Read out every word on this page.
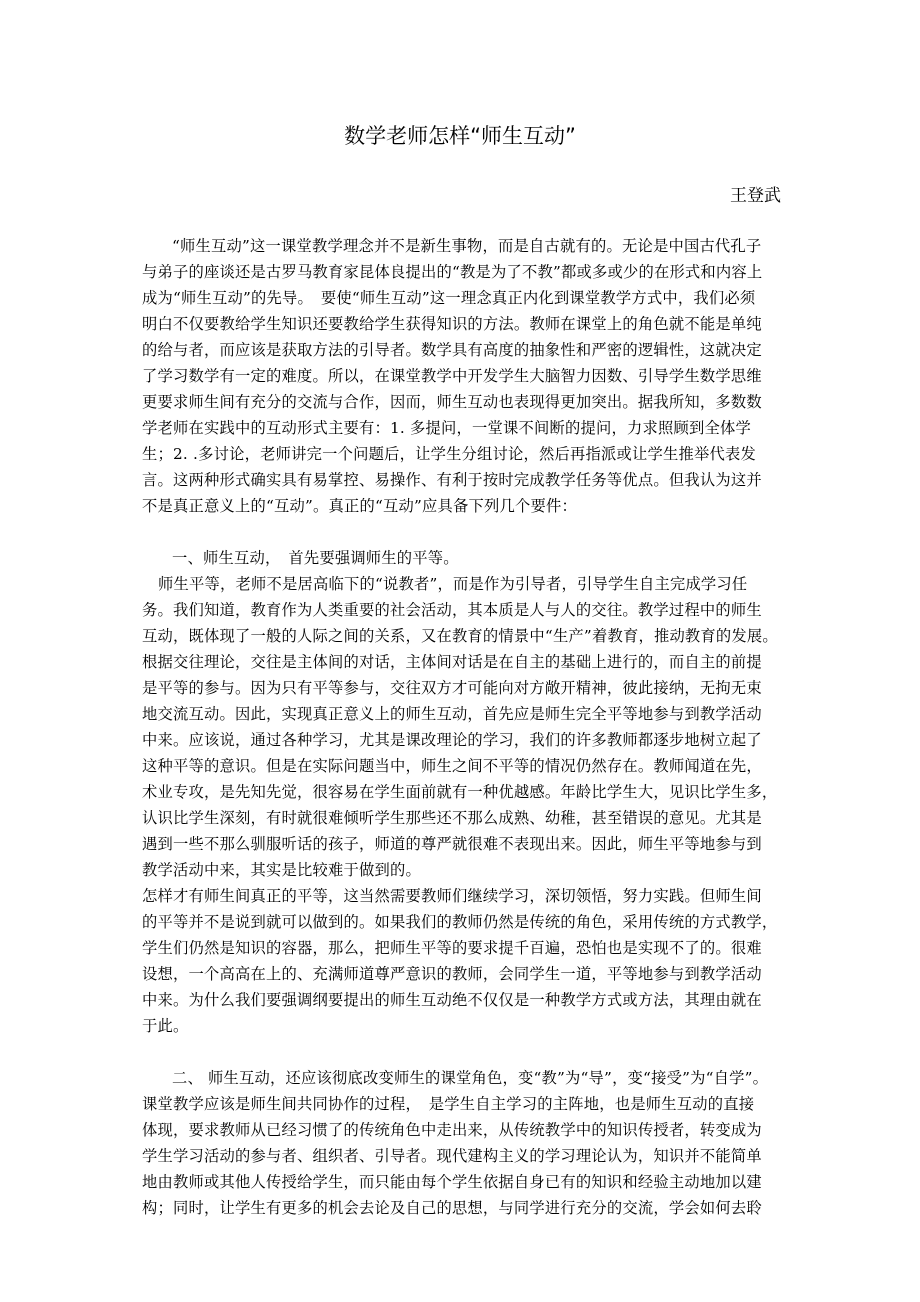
数学老师怎样“师生互动”
王登武
“师生互动”这一课堂教学理念并不是新生事物，而是自古就有的。无论是中国古代孔子
与弟子的座谈还是古罗马教育家昆体良提出的“教是为了不教”都或多或少的在形式和内容上
成为“师生互动”的先导。　要使“师生互动”这一理念真正内化到课堂教学方式中，我们必须
明白不仅要教给学生知识还要教给学生获得知识的方法。教师在课堂上的角色就不能是单纯
的给与者，而应该是获取方法的引导者。数学具有高度的抽象性和严密的逻辑性，这就决定
了学习数学有一定的难度。所以，在课堂教学中开发学生大脑智力因数、引导学生数学思维
更要求师生间有充分的交流与合作，因而，师生互动也表现得更加突出。据我所知，多数数
学老师在实践中的互动形式主要有：1. 多提问，一堂课不间断的提问，力求照顾到全体学
生；2. .多讨论，老师讲完一个问题后，让学生分组讨论，然后再指派或让学生推举代表发
言。这两种形式确实具有易掌控、易操作、有利于按时完成教学任务等优点。但我认为这并
不是真正意义上的“互动”。真正的“互动”应具备下列几个要件：
一、师生互动，　首先要强调师生的平等。
师生平等，老师不是居高临下的“说教者”，而是作为引导者，引导学生自主完成学习任
务。我们知道，教育作为人类重要的社会活动，其本质是人与人的交往。教学过程中的师生
互动，既体现了一般的人际之间的关系，又在教育的情景中“生产”着教育，推动教育的发展。
根据交往理论，交往是主体间的对话，主体间对话是在自主的基础上进行的，而自主的前提
是平等的参与。因为只有平等参与，交往双方才可能向对方敞开精神，彼此接纳，无拘无束
地交流互动。因此，实现真正意义上的师生互动，首先应是师生完全平等地参与到教学活动
中来。应该说，通过各种学习，尤其是课改理论的学习，我们的许多教师都逐步地树立起了
这种平等的意识。但是在实际问题当中，师生之间不平等的情况仍然存在。教师闻道在先，
术业专攻，是先知先觉，很容易在学生面前就有一种优越感。年龄比学生大，见识比学生多，
认识比学生深刻，有时就很难倾听学生那些还不那么成熟、幼稚，甚至错误的意见。尤其是
遇到一些不那么驯服听话的孩子，师道的尊严就很难不表现出来。因此，师生平等地参与到
教学活动中来，其实是比较难于做到的。
怎样才有师生间真正的平等，这当然需要教师们继续学习，深切领悟，努力实践。但师生间
的平等并不是说到就可以做到的。如果我们的教师仍然是传统的角色，采用传统的方式教学，
学生们仍然是知识的容器，那么，把师生平等的要求提千百遍，恐怕也是实现不了的。很难
设想，一个高高在上的、充满师道尊严意识的教师，会同学生一道，平等地参与到教学活动
中来。为什么我们要强调纲要提出的师生互动绝不仅仅是一种教学方式或方法，其理由就在
于此。
二、 师生互动，还应该彻底改变师生的课堂角色，变“教”为“导”，变“接受”为“自学”。
课堂教学应该是师生间共同协作的过程，　是学生自主学习的主阵地，也是师生互动的直接
体现，要求教师从已经习惯了的传统角色中走出来，从传统教学中的知识传授者，转变成为
学生学习活动的参与者、组织者、引导者。现代建构主义的学习理论认为，知识并不能简单
地由教师或其他人传授给学生，而只能由每个学生依据自身已有的知识和经验主动地加以建
构；同时，让学生有更多的机会去论及自己的思想，与同学进行充分的交流，学会如何去聆
